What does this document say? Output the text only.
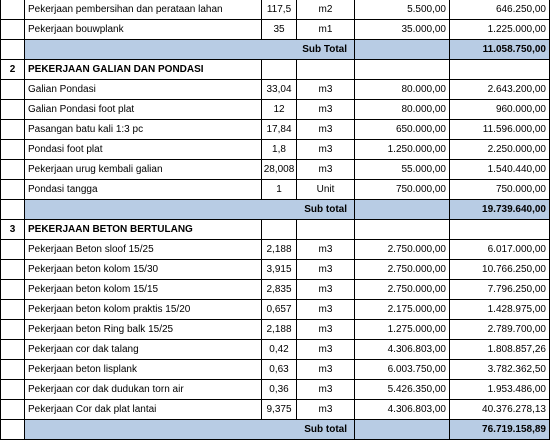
Pekerjaan pembersihan dan perataan lahan	117,5	m2	5.500,00	646.250,00
Pekerjaan bouwplank	35	m1	35.000,00	1.225.000,00
Sub Total	11.058.750,00
2	PEKERJAAN GALIAN DAN PONDASI
Galian Pondasi	33,04	m3	80.000,00	2.643.200,00
Galian Pondasi foot plat	12	m3	80.000,00	960.000,00
Pasangan batu kali 1:3 pc	17,84	m3	650.000,00	11.596.000,00
Pondasi foot plat	1,8	m3	1.250.000,00	2.250.000,00
Pekerjaan urug kembali galian	28,008	m3	55.000,00	1.540.440,00
Pondasi tangga	1	Unit	750.000,00	750.000,00
Sub total	19.739.640,00
3	PEKERJAAN BETON BERTULANG
Pekerjaan Beton sloof 15/25	2,188	m3	2.750.000,00	6.017.000,00
Pekerjaan beton kolom 15/30	3,915	m3	2.750.000,00	10.766.250,00
Pekerjaan beton kolom 15/15	2,835	m3	2.750.000,00	7.796.250,00
Pekerjaan beton kolom praktis 15/20	0,657	m3	2.175.000,00	1.428.975,00
Pekerjaan beton Ring balk 15/25	2,188	m3	1.275.000,00	2.789.700,00
Pekerjaan cor dak talang	0,42	m3	4.306.803,00	1.808.857,26
Pekerjaan beton lisplank	0,63	m3	6.003.750,00	3.782.362,50
Pekerjaan cor dak dudukan torn air	0,36	m3	5.426.350,00	1.953.486,00
Pekerjaan Cor dak plat lantai	9,375	m3	4.306.803,00	40.376.278,13
Sub total	76.719.158,89
